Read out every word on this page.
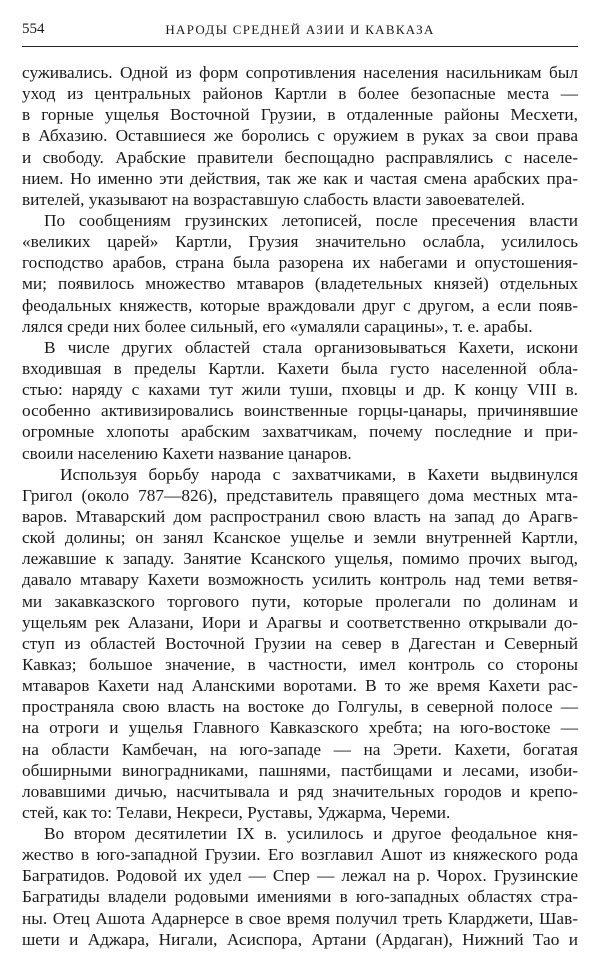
554	НАРОДЫ СРЕДНЕЙ АЗИИ И КАВКАЗА
суживались. Одной из форм сопротивления населения насильникам был
уход из центральных районов Картли в более безопасные места —
в горные ущелья Восточной Грузии, в отдаленные районы Месхети,
в Абхазию. Оставшиеся же боролись с оружием в руках за свои права
и свободу. Арабские правители беспощадно расправлялись с населе-
нием. Но именно эти действия, так же как и частая смена арабских пра-
вителей, указывают на возраставшую слабость власти завоевателей.
По сообщениям грузинских летописей, после пресечения власти
«великих царей» Картли, Грузия значительно ослабла, усилилось
господство арабов, страна была разорена их набегами и опустошения-
ми; появилось множество мтаваров (владетельных князей) отдельных
феодальных княжеств, которые враждовали друг с другом, а если появ-
лялся среди них более сильный, его «умаляли сарацины», т. е. арабы.
В числе других областей стала организовываться Кахети, искони
входившая в пределы Картли. Кахети была густо населенной обла-
стью: наряду с кахами тут жили туши, пховцы и др. К концу VIII в.
особенно активизировались воинственные горцы-цанары, причинявшие
огромные хлопоты арабским захватчикам, почему последние и при-
своили населению Кахети название цанаров.
Используя борьбу народа с захватчиками, в Кахети выдвинулся
Григол (около 787—826), представитель правящего дома местных мта-
варов. Мтаварский дом распространил свою власть на запад до Арагв-
ской долины; он занял Ксанское ущелье и земли внутренней Картли,
лежавшие к западу. Занятие Ксанского ущелья, помимо прочих выгод,
давало мтавару Кахети возможность усилить контроль над теми ветвя-
ми закавказского торгового пути, которые пролегали по долинам и
ущельям рек Алазани, Иори и Арагвы и соответственно открывали до-
ступ из областей Восточной Грузии на север в Дагестан и Северный
Кавказ; большое значение, в частности, имел контроль со стороны
мтаваров Кахети над Аланскими воротами. В то же время Кахети рас-
пространяла свою власть на востоке до Голгулы, в северной полосе —
на отроги и ущелья Главного Кавказского хребта; на юго-востоке —
на области Камбечан, на юго-западе — на Эрети. Кахети, богатая
обширными виноградниками, пашнями, пастбищами и лесами, изоби-
ловавшими дичью, насчитывала и ряд значительных городов и крепо-
стей, как то: Телави, Некреси, Руставы, Уджарма, Череми.
Во втором десятилетии IX в. усилилось и другое феодальное кня-
жество в юго-западной Грузии. Его возглавил Ашот из княжеского рода
Багратидов. Родовой их удел — Спер — лежал на р. Чорох. Грузинские
Багратиды владели родовыми имениями в юго-западных областях стра-
ны. Отец Ашота Адарнерсе в свое время получил треть Кларджети, Шав-
шети и Аджара, Нигали, Асиспора, Артани (Ардаган), Нижний Тао и
